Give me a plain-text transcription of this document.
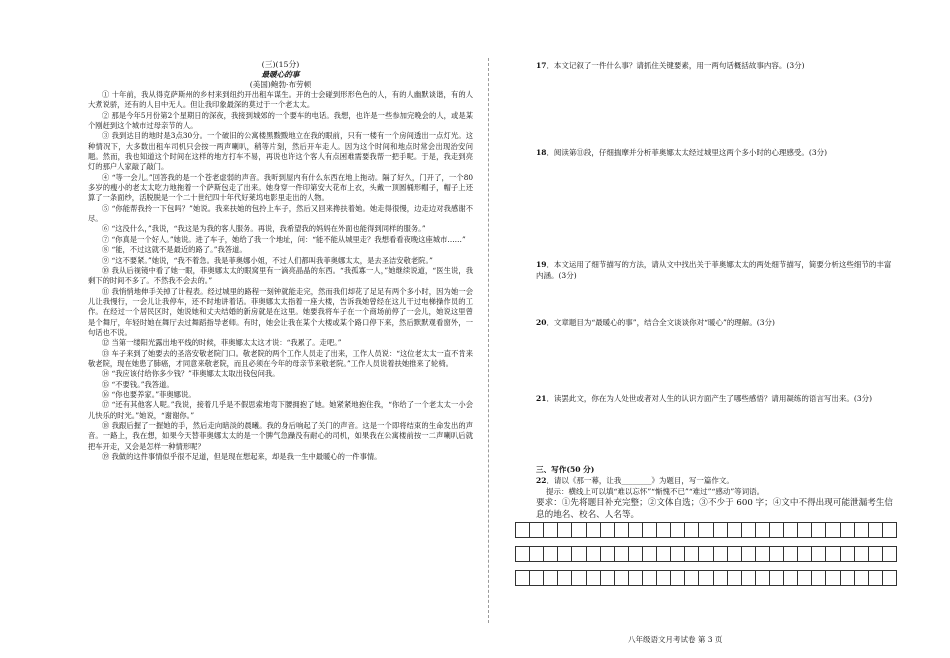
(三)(15分)
最暖心的事
(美国)鲍勃·布劳顿

① 十年前，我从得克萨斯州的乡村来到纽约开出租车谋生。开的士会碰到形形色色的人，有的人幽默谈谐，有的人大煮说骄，还有的人目中无人。但让我印象最深的莫过于一个老太太。

② 那是今年5月份第2个星期日的深夜，我接到城郊的一个要车的电话。我想，也许是一些参加完晚会的人，或是某个刚赶到这个城市过母亲节的人。

③ 我到达目的地时是3点30分。一个破旧的公寓楼黑黢黢地立在我的眼前，只有一楼有一个房间透出一点灯光。这种情况下，大多数出租车司机只会按一两声喇叭，稍等片刻，然后开车走人。因为这个时间和地点时常会出现治安问题。然而，我也知道这个时间在这样的地方打车不易，再说也许这个客人有点困难需要我帮一把手呢。于是，我走到亮灯的那户人家敲了敲门。

④ “等一会儿。”回答我的是一个苍老虚弱的声音。我听到屋内有什么东西在地上拖动。隔了好久，门开了，一个80多岁的瘦小的老太太吃力地拖着一个萨斯包走了出来。她身穿一件印第安大花布上衣，头戴一顶圆桶形帽子，帽子上还算了一条面纱，活脱脱是一个二十世纪四十年代好莱坞电影里走出的人物。

⑤ “你能帮我拎一下包吗？”她说。我来扶她的包拎上车子，然后又回来搀扶着她。她走得很慢，边走边对我感谢不尽。

⑥ “这没什么，”我说，“我这是为我的客人服务。再说，我希望我的妈妈在外面也能得到同样的服务。”

⑦ “你真是一个好人。”她说。进了车子，她给了我一个地址，问：“能不能从城里走？我想看看夜晚这座城市……”

⑧ “能，不过这就不是最近的路了。”我答道。

⑨ “这不要紧。”她说，“我不着急。我是菲奥娜小姐，不过人们都叫我菲奥娜太太，是去圣洁安敬老院。”

⑩ 我从后视镜中看了她一眼，菲奥娜太太的眼窝里有一滴亮晶晶的东西。“我孤寡一人，”她继续说道，“医生说，我剩下的时间不多了。不然我不会去的。”

⑪ 我悄悄地伸手关掉了计程表。经过城里的路程一刻钟就能走完，然而我们却花了足足有两个多小时，因为她一会儿让我慢行，一会儿让我停车，还不时地讲着话。菲奥娜太太指着一座大楼，告诉我她曾经在这儿干过电梯操作员的工作。在经过一个居民区时，她说她和丈夫结婚的新房就是在这里。她要我将车子在一个商场前停了一会儿，她说这里曾是个舞厅，年轻时她在舞厅去过舞蹈指导老师。有时，她会让我在某个大楼或某个路口停下来，然后默默观看窗外，一句话也不说。

⑫ 当第一缕阳光露出地平线的时候，菲奥娜太太这才说：“我累了。走吧。”

⑬ 车子来到了她要去的圣洛安敬老院门口。敬老院的两个工作人员走了出来，工作人员说：“这位老太太一直不肯来敬老院，现在她患了肺癌，才同意来敬老院，而且必须在今年的母亲节来敬老院。”工作人员说着扶她推来了轮椅。

⑭ “我应该付给你多少钱？”菲奥娜太太取出钱包问我。

⑮ “不要钱。”我答道。

⑯ “你也要养家。”菲奥娜说。

⑰ “还有其他客人呢。”我说，接着几乎是不假思索地弯下腰拥抱了她。她紧紧地抱住我，“你给了一个老太太一小会儿快乐的时光。”她说，“谢谢你。”

⑱ 我跟后握了一握她的手，然后走向暗淡的晨曦。我的身后响起了关门的声音。这是一个即将结束的生命发出的声音。一路上，我在想，如果今天替菲奥娜太太的是一个脾气急躁没有耐心的司机，如果我在公寓楼前按一二声喇叭后就把车开走，又会是怎样一种情形呢？

⑲ 我做的这件事情似乎很不足道，但是现在想起来，却是我一生中最暖心的一件事情。

17．本文记叙了一件什么事？请抓住关键要素，用一两句话概括故事内容。(3分)
18．阅读第⑪段，仔细揣摩并分析菲奥娜太太经过城里这两个多小时的心理感受。(3分)
19．本文运用了细节描写的方法，请从文中找出关于菲奥娜太太的两处细节描写，简要分析这些细节的丰富内涵。(3分)
20．文章题目为“最暖心的事”，结合全文谈谈你对“暖心”的理解。(3分)
21．读罢此文，你在为人处世或者对人生的认识方面产生了哪些感悟？请用凝练的语言写出来。(3分)
三、写作(50 分)
22．请以《那一幕，让我________》为题目，写一篇作文。
提示：横线上可以填“难以忘怀”“惭愧不已”“难过”“感动”等词语。
要求：①先将题目补充完整；②文体自选；③不少于 600 字；④文中不得出现可能泄漏考生信息的地名、校名、人名等。
八年级语文月考试卷 第 3 页
